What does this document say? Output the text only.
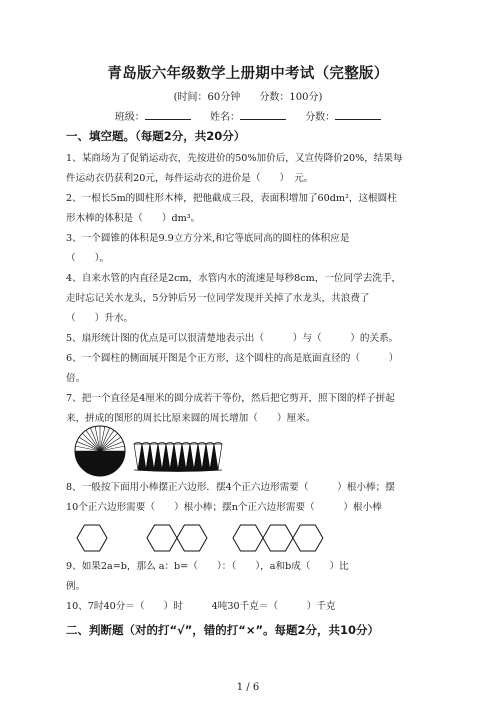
青岛版六年级数学上册期中考试（完整版）
(时间：60分钟 分数：100分)
班级：	姓名：	分数：
一、填空题。（每题2分，共20分）
1、某商场为了促销运动衣，先按进价的50%加价后，又宣传降价20%，结果每
件运动衣仍获利20元，每件运动衣的进价是（　　）　元。
2、一根长5m的圆柱形木棒，把他截成三段，表面积增加了60dm²，这根圆柱
形木棒的体积是（　　）dm³。
3、一个圆锥的体积是9.9立方分米,和它等底同高的圆柱的体积应是
（　　）。
4、自来水管的内直径是2cm，水管内水的流速是每秒8cm，一位同学去洗手，
走时忘记关水龙头，5分钟后另一位同学发现并关掉了水龙头，共浪费了
（　　）升水。
5、扇形统计图的优点是可以很清楚地表示出（　　　）与（　　　）的关系。
6、一个圆柱的侧面展开图是个正方形，这个圆柱的高是底面直径的（　　　）
倍。
7、把一个直径是4厘米的圆分成若干等份，然后把它剪开，照下图的样子拼起
来，拼成的图形的周长比原来圆的周长增加（　　）厘米。
8、一般按下面用小棒摆正六边形．摆4个正六边形需要（　　　）根小棒；摆
10个正六边形需要（　　）根小棒；摆n个正六边形需要（　　　）根小棒
9、如果2a=b，那么 a：b=（　　）：（　　），a和b成（　　）比
例。
10、7时40分＝（　　）时　　　4吨30千克＝（　　　）千克
二、判断题（对的打“√”，错的打“×”。每题2分，共10分）
1 / 6
